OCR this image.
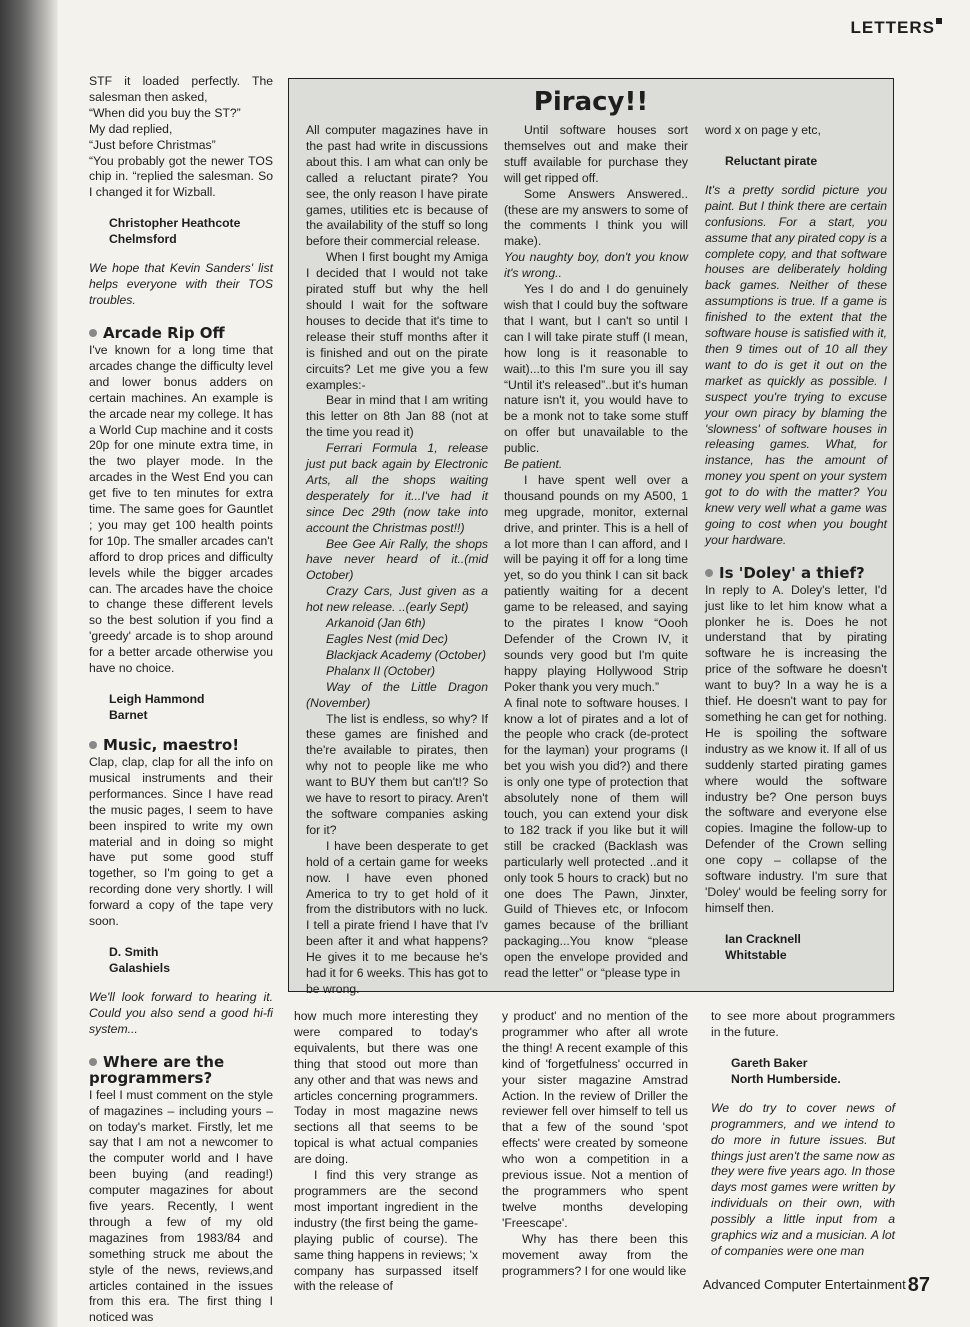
LETTERS

STF it loaded perfectly. The salesman then asked,

“When did you buy the ST?”

My dad replied,

“Just before Christmas”

“You probably got the newer TOS chip in. “replied the salesman. So I changed it for Wizball.

Christopher Heathcote
Chelmsford

We hope that Kevin Sanders' list helps everyone with their TOS troubles.

Arcade Rip Off

I've known for a long time that arcades change the difficulty level and lower bonus adders on certain machines. An example is the arcade near my college. It has a World Cup machine and it costs 20p for one minute extra time, in the two player mode. In the arcades in the West End you can get five to ten minutes for extra time. The same goes for Gauntlet ; you may get 100 health points for 10p. The smaller arcades can't afford to drop prices and difficulty levels while the bigger arcades can. The arcades have the choice to change these different levels so the best solution if you find a 'greedy' arcade is to shop around for a better arcade otherwise you have no choice.

Leigh Hammond
Barnet

Music, maestro!

Clap, clap, clap for all the info on musical instruments and their performances. Since I have read the music pages, I seem to have been inspired to write my own material and in doing so might have put some good stuff together, so I'm going to get a recording done very shortly. I will forward a copy of the tape very soon.

D. Smith
Galashiels

We'll look forward to hearing it. Could you also send a good hi-fi system...

Where are the programmers?

I feel I must comment on the style of magazines – including yours – on today's market. Firstly, let me say that I am not a newcomer to the computer world and I have been buying (and reading!) computer magazines for about five years. Recently, I went through a few of my old magazines from 1983/84 and something struck me about the style of the news, reviews,and articles contained in the issues from this era. The first thing I noticed was

Piracy!!

All computer magazines have in the past had write in discussions about this. I am what can only be called a reluctant pirate? You see, the only reason I have pirate games, utilities etc is because of the availability of the stuff so long before their commercial release.

When I first bought my Amiga I decided that I would not take pirated stuff but why the hell should I wait for the software houses to decide that it's time to release their stuff months after it is finished and out on the pirate circuits? Let me give you a few examples:-

Bear in mind that I am writing this letter on 8th Jan 88 (not at the time you read it)

Ferrari Formula 1, release just put back again by Electronic Arts, all the shops waiting desperately for it...I've had it since Dec 29th (now take into account the Christmas post!!)

Bee Gee Air Rally, the shops have never heard of it..(mid October)

Crazy Cars, Just given as a hot new release. ..(early Sept)

Arkanoid (Jan 6th)

Eagles Nest (mid Dec)

Blackjack Academy (October)

Phalanx II (October)

Way of the Little Dragon (November)

The list is endless, so why? If these games are finished and the're available to pirates, then why not to people like me who want to BUY them but can't!? So we have to resort to piracy. Aren't the software companies asking for it?

I have been desperate to get hold of a certain game for weeks now. I have even phoned America to try to get hold of it from the distributors with no luck. I tell a pirate friend I have that I'v been after it and what happens? He gives it to me because he's had it for 6 weeks. This has got to be wrong.

Until software houses sort themselves out and make their stuff available for purchase they will get ripped off.

Some Answers Answered.. (these are my answers to some of the comments I think you will make).

You naughty boy, don't you know it's wrong..

Yes I do and I do genuinely wish that I could buy the software that I want, but I can't so until I can I will take pirate stuff (I mean, how long is it reasonable to wait)...to this I'm sure you ill say “Until it's released”..but it's human nature isn't it, you would have to be a monk not to take some stuff on offer but unavailable to the public.

Be patient.

I have spent well over a thousand pounds on my A500, 1 meg upgrade, monitor, external drive, and printer. This is a hell of a lot more than I can afford, and I will be paying it off for a long time yet, so do you think I can sit back patiently waiting for a decent game to be released, and saying to the pirates I know “Oooh Defender of the Crown IV, it sounds very good but I'm quite happy playing Hollywood Strip Poker thank you very much.”

A final note to software houses. I know a lot of pirates and a lot of the people who crack (de-protect for the layman) your programs (I bet you wish you did?) and there is only one type of protection that absolutely none of them will touch, you can extend your disk to 182 track if you like but it will still be cracked (Backlash was particularly well protected ..and it only took 5 hours to crack) but no one does The Pawn, Jinxter, Guild of Thieves etc, or Infocom games because of the brilliant packaging...You know “please open the envelope provided and read the letter” or “please type in

word x on page y etc,

Reluctant pirate

It's a pretty sordid picture you paint. But I think there are certain confusions. For a start, you assume that any pirated copy is a complete copy, and that software houses are deliberately holding back games. Neither of these assumptions is true. If a game is finished to the extent that the software house is satisfied with it, then 9 times out of 10 all they want to do is get it out on the market as quickly as possible. I suspect you're trying to excuse your own piracy by blaming the 'slowness' of software houses in releasing games. What, for instance, has the amount of money you spent on your system got to do with the matter? You knew very well what a game was going to cost when you bought your hardware.

Is 'Doley' a thief?

In reply to A. Doley's letter, I'd just like to let him know what a plonker he is. Does he not understand that by pirating software he is increasing the price of the software he doesn't want to buy? In a way he is a thief. He doesn't want to pay for something he can get for nothing. He is spoiling the software industry as we know it. If all of us suddenly started pirating games where would the software industry be? One person buys the software and everyone else copies. Imagine the follow-up to Defender of the Crown selling one copy – collapse of the software industry. I'm sure that 'Doley' would be feeling sorry for himself then.

Ian Cracknell
Whitstable

how much more interesting they were compared to today's equivalents, but there was one thing that stood out more than any other and that was news and articles concerning programmers. Today in most magazine news sections all that seems to be topical is what actual companies are doing.

I find this very strange as programmers are the second most important ingredient in the industry (the first being the game-playing public of course). The same thing happens in reviews; 'x company has surpassed itself with the release of

y product' and no mention of the programmer who after all wrote the thing! A recent example of this kind of 'forgetfulness' occurred in your sister magazine Amstrad Action. In the review of Driller the reviewer fell over himself to tell us that a few of the sound 'spot effects' were created by someone who won a competition in a previous issue. Not a mention of the programmers who spent twelve months developing 'Freescape'.

Why has there been this movement away from the programmers? I for one would like

to see more about programmers in the future.

Gareth Baker
North Humberside.

We do try to cover news of programmers, and we intend to do more in future issues. But things just aren't the same now as they were five years ago. In those days most games were written by individuals on their own, with possibly a little input from a graphics wiz and a musician. A lot of companies were one man

Advanced Computer Entertainment 87
